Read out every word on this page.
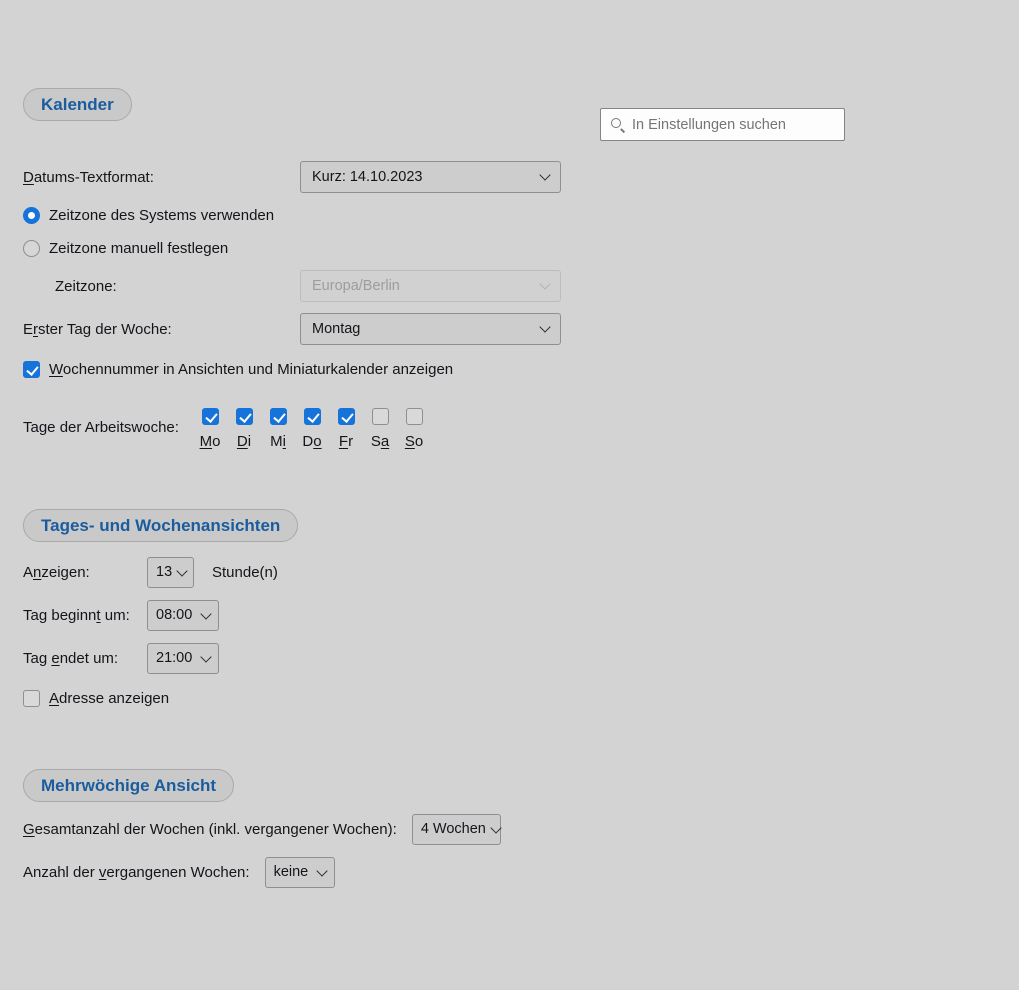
In Einstellungen suchen
Kalender
Datums-Textformat:	Kurz: 14.10.2023
Zeitzone des Systems verwenden
Zeitzone manuell festlegen
Zeitzone:	Europa/Berlin
Erster Tag der Woche:	Montag
Wochennummer in Ansichten und Miniaturkalender anzeigen
Tage der Arbeitswoche:
Mo Di Mi Do Fr Sa So
Tages- und Wochenansichten
Anzeigen:	13	Stunde(n)
Tag beginnt um:	08:00
Tag endet um:	21:00
Adresse anzeigen
Mehrwöchige Ansicht
Gesamtanzahl der Wochen (inkl. vergangener Wochen): 4 Wochen
Anzahl der vergangenen Wochen: keine
